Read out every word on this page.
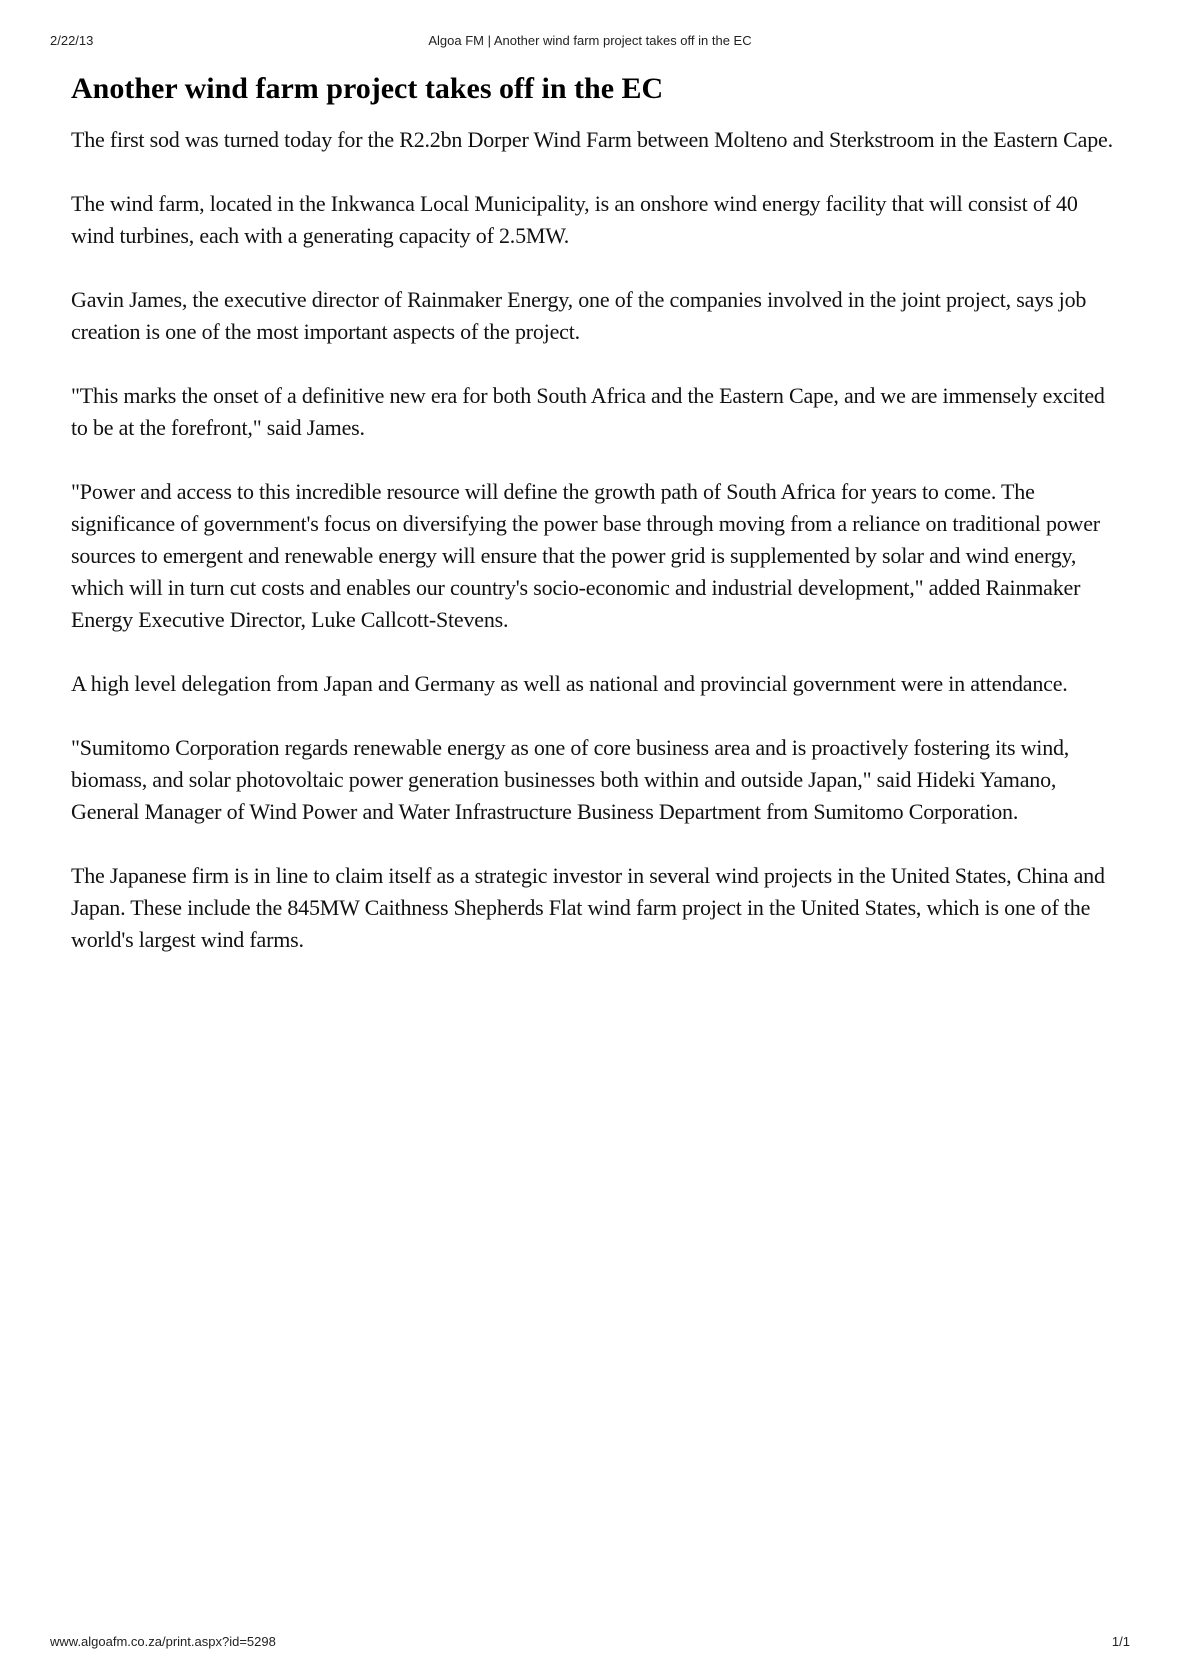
2/22/13	Algoa FM | Another wind farm project takes off in the EC
Another wind farm project takes off in the EC

The first sod was turned today for the R2.2bn Dorper Wind Farm between Molteno and Sterkstroom in the Eastern Cape.

The wind farm, located in the Inkwanca Local Municipality, is an onshore wind energy facility that will consist of 40 wind turbines, each with a generating capacity of 2.5MW.

Gavin James, the executive director of Rainmaker Energy, one of the companies involved in the joint project, says job creation is one of the most important aspects of the project.

"This marks the onset of a definitive new era for both South Africa and the Eastern Cape, and we are immensely excited to be at the forefront," said James.

"Power and access to this incredible resource will define the growth path of South Africa for years to come. The significance of government's focus on diversifying the power base through moving from a reliance on traditional power sources to emergent and renewable energy will ensure that the power grid is supplemented by solar and wind energy, which will in turn cut costs and enables our country's socio-economic and industrial development," added Rainmaker Energy Executive Director, Luke Callcott-Stevens.

A high level delegation from Japan and Germany as well as national and provincial government were in attendance.

"Sumitomo Corporation regards renewable energy as one of core business area and is proactively fostering its wind, biomass, and solar photovoltaic power generation businesses both within and outside Japan," said Hideki Yamano, General Manager of Wind Power and Water Infrastructure Business Department from Sumitomo Corporation.

The Japanese firm is in line to claim itself as a strategic investor in several wind projects in the United States, China and Japan. These include the 845MW Caithness Shepherds Flat wind farm project in the United States, which is one of the world's largest wind farms.

www.algoafm.co.za/print.aspx?id=5298	1/1
